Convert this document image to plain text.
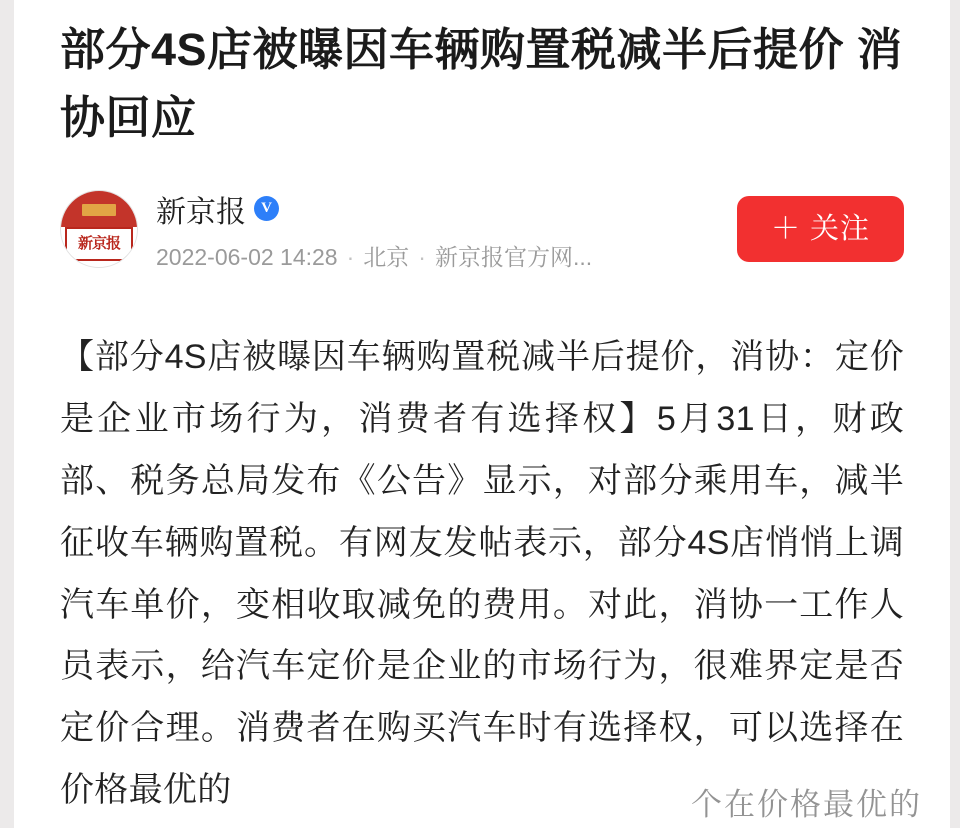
部分4S店被曝因车辆购置税减半后提价 消协回应
新京报
新京报	V
2022-06-02 14:28 · 北京 · 新京报官方网...
＋ 关注
【部分4S店被曝因车辆购置税减半后提价，消协：定价是企业市场行为，消费者有选择权】5月31日，财政部、税务总局发布《公告》显示，对部分乘用车，减半征收车辆购置税。有网友发帖表示，部分4S店悄悄上调汽车单价，变相收取减免的费用。对此，消协一工作人员表示，给汽车定价是企业的市场行为，很难界定是否定价合理。消费者在购买汽车时有选择权，可以选择在价格最优的	个在价格最优的
